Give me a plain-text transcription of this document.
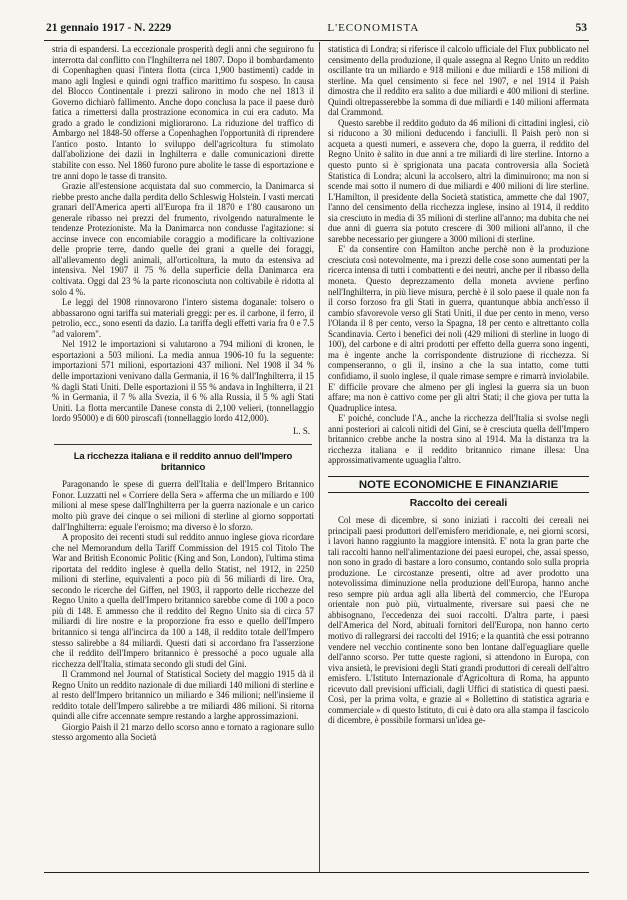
21 gennaio 1917 - N. 2229	L'ECONOMISTA	53

stria di espandersi. La eccezionale prosperità degli anni che seguirono fu interrotta dal conflitto con l'Inghilterra nel 1807. Dopo il bombardamento di Copenhaghen quasi l'intera flotta (circa 1,900 bastimenti) cadde in mano agli Inglesi e quindi ogni traffico marittimo fu sospeso. In causa del Blocco Continentale i prezzi salirono in modo che nel 1813 il Governo dichiarò fallimento. Anche dopo conclusa la pace il paese durò fatica a rimettersi dalla prostrazione economica in cui era caduto. Ma grado a grado le condizioni migliorarono. La riduzione del traffico di Ambargo nel 1848-50 offerse a Copenhaghen l'opportunità di riprendere l'antico posto. Intanto lo sviluppo dell'agricoltura fu stimolato dall'abolizione dei dazii in Inghilterra e dalle comunicazioni dirette stabilite con esso. Nel 1860 furono pure abolite le tasse di esportazione e tre anni dopo le tasse di transito.

Grazie all'estensione acquistata dal suo commercio, la Danimarca si riebbe presto anche dalla perdita dello Schleswig Holstein. I vasti mercati granari dell'America aperti all'Europa fra il 1870 e 1'80 causarono un generale ribasso nei prezzi del frumento, rivolgendo naturalmente le tendenze Protezioniste. Ma la Danimarca non condusse l'agitazione: si accinse invece con encomiabile coraggio a modificare la coltivazione delle proprie terre, dando quelle dei grani a quelle dei foraggi, all'allevamento degli animali, all'orticoltura, la muto da estensiva ad intensiva. Nel 1907 il 75 % della superficie della Danimarca era coltivata. Oggi dal 23 % la parte riconosciuta non coltivabile è ridotta al solo 4 %.

Le leggi del 1908 rinnovarono l'intero sistema doganale: tolsero o abbassarono ogni tariffa sui materiali greggi: per es. il carbone, il ferro, il petrolio, ecc., sono esenti da dazio. La tariffa degli effetti varia fra 0 e 7.5 "ad valorem".

Nel 1912 le importazioni si valutarono a 794 milioni di kronen, le esportazioni a 503 milioni. La media annua 1906-10 fu la seguente: importazioni 571 milioni, esportazioni 437 milioni. Nel 1908 il 34 % delle importazioni venivano dalla Germania, il 16 % dall'Inghilterra, il 15 % dagli Stati Uniti. Delle esportazioni il 55 % andava in Inghilterra, il 21 % in Germania, il 7 % alla Svezia, il 6 % alla Russia, il 5 % agli Stati Uniti. La flotta mercantile Danese consta di 2,100 velieri, (tonnellaggio lordo 95000) e di 600 piroscafi (tonnellaggio lordo 412,000).

L. S.
La ricchezza italiana e il reddito annuo dell'Impero britannico

Paragonando le spese di guerra dell'Italia e dell'Impero Britannico Fonor. Luzzatti nel « Corriere della Sera » afferma che un miliardo e 100 milioni al mese spese dall'Inghilterra per la guerra nazionale e un carico molto più grave dei cinque o sei milioni di sterline al giorno sopportati dall'Inghilterra: eguale l'eroismo; ma diverso è lo sforzo.

A proposito dei recenti studi sul reddito annuo inglese giova ricordare che nel Memorandum della Tariff Commission del 1915 col Titolo The War and British Economic Politic (King and Son, London), l'ultima stima riportata del reddito inglese è quella dello Statist, nel 1912, in 2250 milioni di sterline, equivalenti a poco più di 56 miliardi di lire. Ora, secondo le ricerche del Giffen, nel 1903, il rapporto delle ricchezze del Regno Unito a quella dell'Impero britannico sarebbe come di 100 a poco più di 148. E ammesso che il reddito del Regno Unito sia di circa 57 miliardi di lire nostre e la proporzione fra esso e quello dell'Impero britannico si tenga all'incirca da 100 a 148, il reddito totale dell'Impero stesso salirebbe a 84 miliardi. Questi dati si accordano fra l'asserzione che il reddito dell'Impero britannico è pressoché a poco uguale alla ricchezza dell'Italia, stimata secondo gli studi del Gini.

Il Crammond nel Journal of Statistical Society del maggio 1915 dà il Regno Unito un reddito nazionale di due miliardi 140 milioni di sterline e al resto dell'Impero britannico un miliardo e 346 milioni; nell'insieme il reddito totale dell'Impero salirebbe a tre miliardi 486 milioni. Si ritorna quindi alle cifre accennate sempre restando a larghe approssimazioni.

Giorgio Paish il 21 marzo dello scorso anno e tornato a ragionare sullo stesso argomento alla Società

statistica di Londra; si riferisce il calcolo ufficiale del Flux pubblicato nel censimento della produzione, il quale assegna al Regno Unito un reddito oscillante tra un miliardo e 918 milioni e due miliardi e 158 milioni di sterline. Ma quel censimento si fece nel 1907, e nel 1914 il Paish dimostra che il reddito era salito a due miliardi e 400 milioni di sterline. Quindi oltrepasserebbe la somma di due miliardi e 140 milioni affermata dal Crammond.

Questo sarebbe il reddito goduto da 46 milioni di cittadini inglesi, ciò si riducono a 30 milioni deducendo i fanciulli. Il Paish però non si acqueta a questi numeri, e assevera che, dopo la guerra, il reddito del Regno Unito è salito in due anni a tre miliardi di lire sterline. Intorno a questo punto si è sprigionata una pacata controversia alla Società Statistica di Londra; alcuni la accolsero, altri la diminuirono; ma non si scende mai sotto il numero di due miliardi e 400 milioni di lire sterline. L'Hamilton, il presidente della Società statistica, ammette che dal 1907, l'anno del censimento della ricchezza inglese, insino al 1914, il reddito sia cresciuto in media di 35 milioni di sterline all'anno; ma dubita che nei due anni di guerra sia potuto crescere di 300 milioni all'anno, il che sarebbe necessario per giungere a 3000 milioni di sterline.

E' da consentire con Hamilton anche perchè non è la produzione cresciuta così notevolmente, ma i prezzi delle cose sono aumentati per la ricerca intensa di tutti i combattenti e dei neutri, anche per il ribasso della moneta. Questo deprezzamento della moneta avviene perfino nell'Inghilterra, in più lieve misura, perchè è il solo paese il quale non fa il corso forzoso fra gli Stati in guerra, quantunque abbia anch'esso il cambio sfavorevole verso gli Stati Uniti, il due per cento in meno, verso l'Olanda il 8 per cento, verso la Spagna, 18 per cento e altrettanto colla Scandinavia. Certo i benefici dei noli (429 milioni di sterline in luogo di 100), del carbone e di altri prodotti per effetto della guerra sono ingenti, ma è ingente anche la corrispondente distruzione di ricchezza. Si compenseranno, o gli il, insino a che la sua intatto, come tutti confidiamo, il suolo inglese, il quale rimase sempre e rimarrà inviolabile. E' difficile provare che almeno per gli inglesi la guerra sia un buon affare; ma non è cattivo come per gli altri Stati; il che giova per tutta la Quadruplice intesa.

E' poiché, conclude l'A., anche la ricchezza dell'Italia si svolse negli anni posteriori ai calcoli nitidi del Gini, se è cresciuta quella dell'Impero britannico crebbe anche la nostra sino al 1914. Ma la distanza tra la ricchezza italiana e il reddito britannico rimane illesa: Una approssimativamente uguaglia l'altro.

NOTE ECONOMICHE E FINANZIARIE
Raccolto dei cereali

Col mese di dicembre, si sono iniziati i raccolti dei cereali nei principali paesi produttori dell'emisfero meridionale, e, nei giorni scorsi, i lavori hanno raggiunto la maggiore intensità. E' nota la gran parte che tali raccolti hanno nell'alimentazione dei paesi europei, che, assai spesso, non sono in grado di bastare a loro consumo, contando solo sulla propria produzione. Le circostanze presenti, oltre ad aver prodotto una notevolissima diminuzione nella produzione dell'Europa, hanno anche reso sempre più ardua agli alla libertà del commercio, che l'Europa orientale non può più, virtualmente, riversare sui paesi che ne abbisognano, l'eccedenza dei suoi raccolti. D'altra parte, i paesi dell'America del Nord, abituali fornitori dell'Europa, non hanno certo motivo di rallegrarsi dei raccolti del 1916; e la quantità che essi potranno vendere nel vecchio continente sono ben lontane dall'eguagliare quelle dell'anno scorso. Per tutte queste ragioni, si attendono in Europa, con viva ansietà, le previsioni degli Stati grandi produttori di cereali dell'altro emisfero. L'Istituto Internazionale d'Agricoltura di Roma, ha appunto ricevuto dall previsioni ufficiali, dagli Uffici di statistica di questi paesi. Così, per la prima volta, e grazie al « Bollettino di statistica agraria e commerciale » di questo Istituto, di cui è dato ora alla stampa il fascicolo di dicembre, è possibile formarsi un'idea ge-
